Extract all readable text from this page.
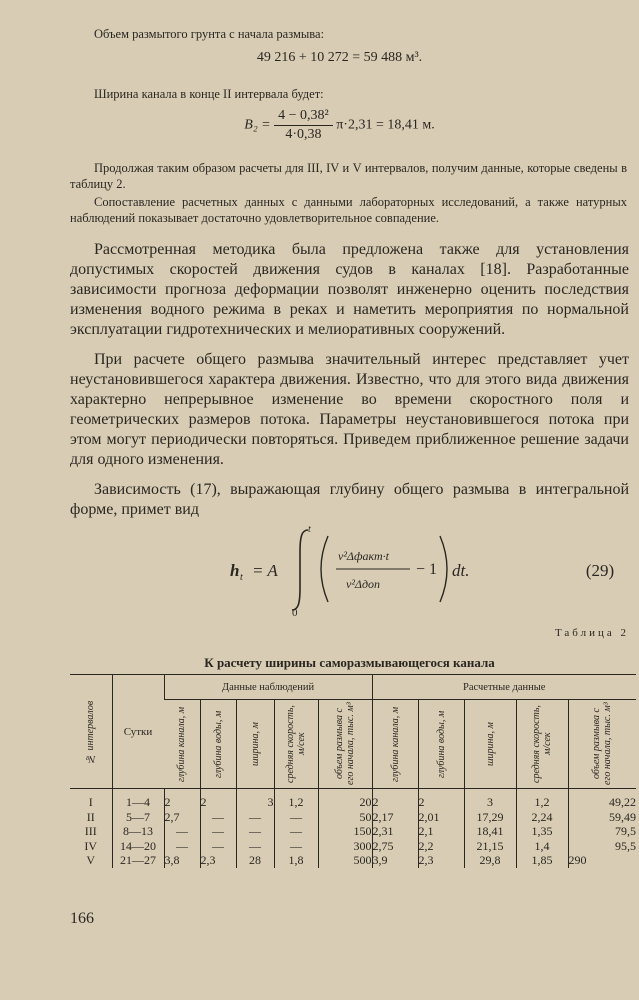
Объем размытого грунта с начала размыва:
49 216 + 10 272 = 59 488 м³.
Ширина канала в конце II интервала будет:
$B_2 = \frac{\text{4 − 0,38²}}{4\cdot 0,38} \pi\cdot 2,31 = 18,41$ м.
Продолжая таким образом расчеты для III, IV и V интервалов, получим данные, которые сведены в таблицу 2.
Сопоставление расчетных данных с данными лабораторных исследований, а также натурных наблюдений показывает достаточно удовлетворительное совпадение.
Рассмотренная методика была предложена также для установления допустимых скоростей движения судов в каналах [18]. Разработанные зависимости прогноза деформации позволят инженерно оценить последствия изменения водного режима в реках и наметить мероприятия по нормальной эксплуатации гидротехнических и мелиоративных сооружений.
При расчете общего размыва значительный интерес представляет учет неустановившегося характера движения. Известно, что для этого вида движения характерно непрерывное изменение во времени скоростного поля и геометрических размеров потока. Параметры неустановившегося потока при этом могут периодически повторяться. Приведем приближенное решение задачи для одного изменения.
Зависимость (17), выражающая глубину общего размыва в интегральной форме, примет вид
h t = A
t
0
v²Δфакт·t
v²Δдоп
− 1 dt.	(29)
Таблица 2
К расчету ширины саморазмывающегося канала
№ интервалов	Сутки	Данные наблюдений					Расчетные данные				

		глубина канала, м	глубина воды, м	ширина, м	средняя скорость, м/сек	объем размыва с его начала, тыс. м³	глубина канала, м	глубина воды, м	ширина, м	средняя скорость, м/сек	объем размыва с его начала, тыс. м³

I	1—4	2	2	3	1,2	20	2	2	3	1,2	49,22
II	5—7	2,7	—	—	—	50	2,17	2,01	17,29	2,24	59,49
III	8—13	—	—	—	—	150	2,31	2,1	18,41	1,35	79,5
IV	14—20	—	—	—	—	300	2,75	2,2	21,15	1,4	95,5
V	21—27	3,8	2,3	28	1,8	500	3,9	2,3	29,8	1,85	290
166
